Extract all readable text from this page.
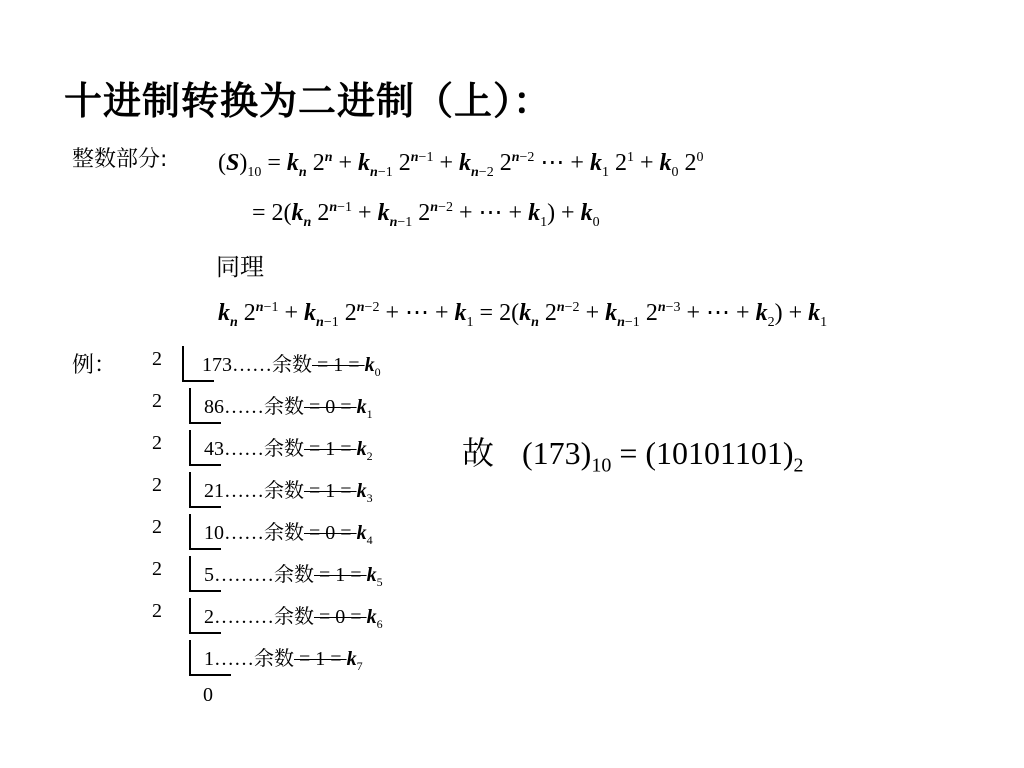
十进制转换为二进制（上）：
整数部分: $(S)_{10} = k_n$ $2^n + k_{n-1}$ $2^{n-1} + k_{n-2}$ $2^{n-2}$ ⋯ + $k_1$ $2^1 + k_0$ $2^0$
= $2(k_n$ $2^{n-1} + k_{n-1}$ $2^{n-2}$ + ⋯ + $k_1) + k_0$
同理
$k_n$ $2^{n-1} + k_{n-1}$ $2^{n-2}$ + ⋯ + $k_1 = 2(k_n$ $2^{n-2} + k_{n-1}$ $2^{n-3}$ + ⋯ + $k_2) + k_1$
例： 2	173……余数 = $1 = k_0$
2	86……余数 = $0 = k_1$
2	43……余数 = $1 = k_2$
2	21……余数 = $1 = k_3$
2	10……余数 = $0 = k_4$
2	5………余数 = $1 = k_5$
2	2………余数 = $0 = k_6$
1……余数 = $1 = k_7$
0
故 $(173)_{10} = (10101101)_2$
